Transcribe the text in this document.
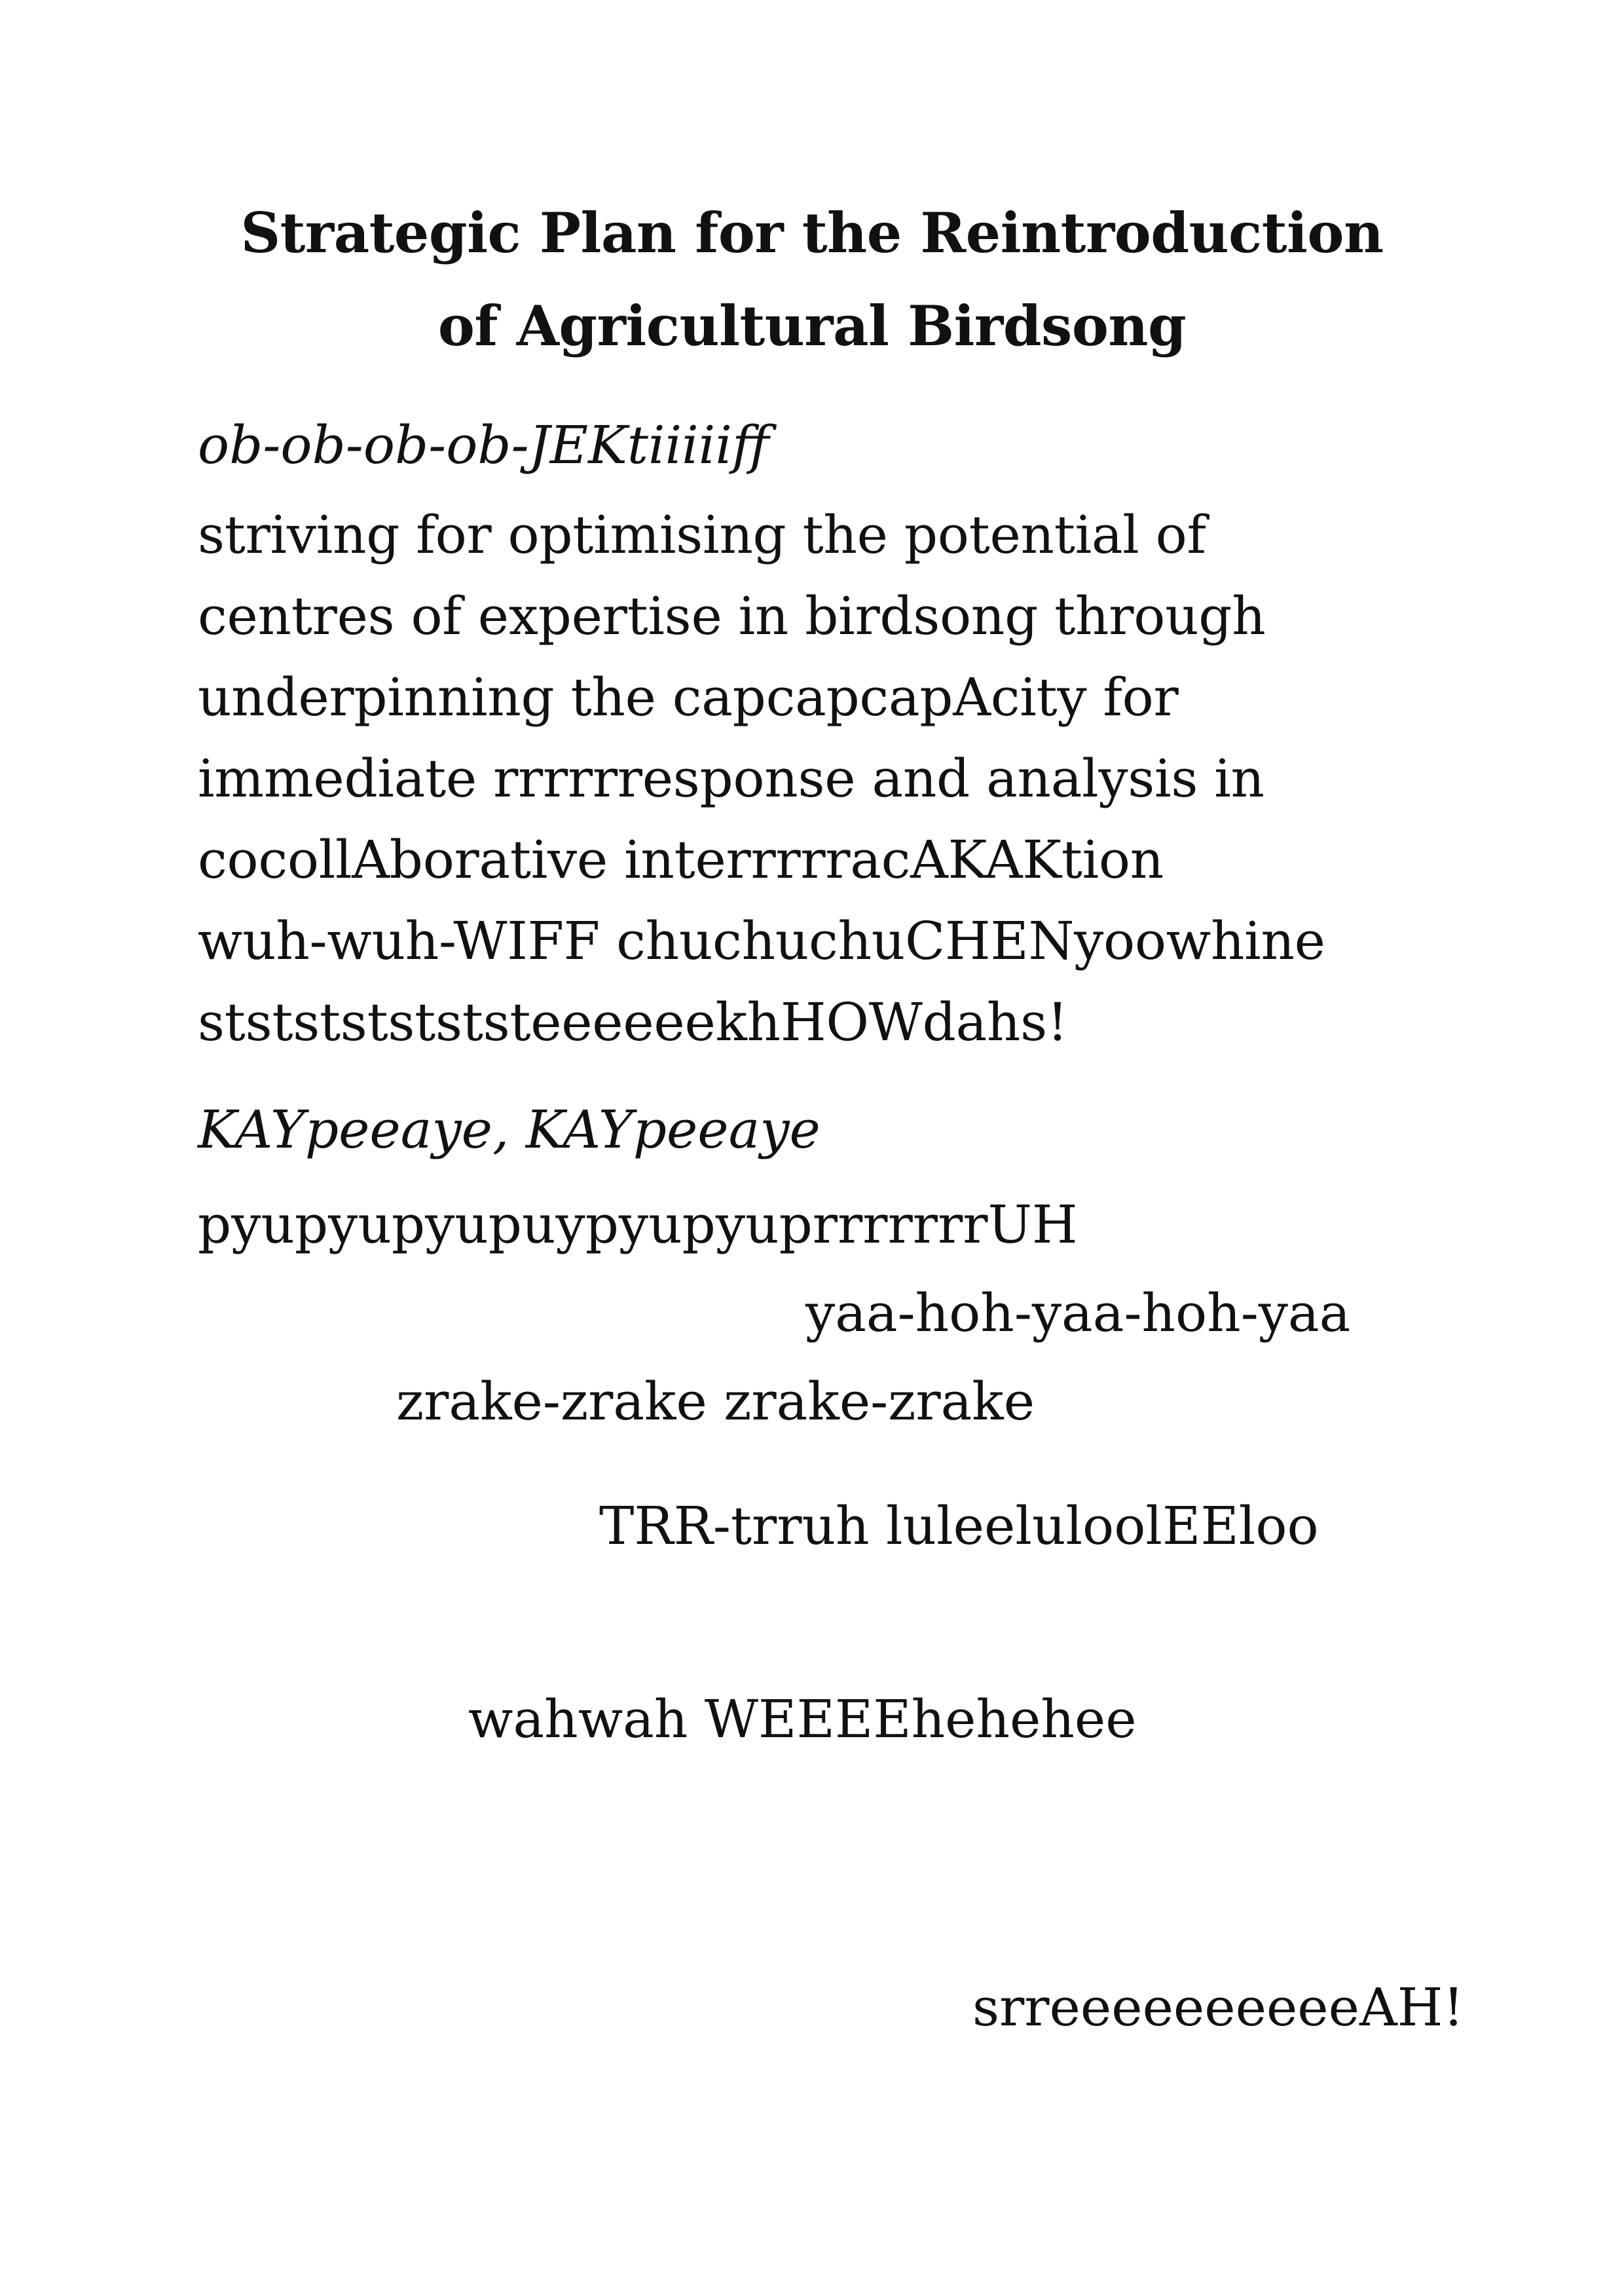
Strategic Plan for the Reintroduction
of Agricultural Birdsong
ob-ob-ob-ob-JEKtiiiiiff
striving for optimising the potential of
centres of expertise in birdsong through
underpinning the capcapcapAcity for
immediate rrrrrresponse and analysis in
cocollAborative interrrrracAKAKtion
wuh-wuh-WIFF chuchuchuCHENyoowhine
stststststststeeeeeekhHOWdahs!
KAYpeeaye, KAYpeeaye
pyupyupyupuypyupyuprrrrrrrUH
yaa-hoh-yaa-hoh-yaa
zrake-zrake zrake-zrake
TRR-trruh luleeluloolEEloo
wahwah WEEEEhehehee
srreeeeeeeeeeAH!
